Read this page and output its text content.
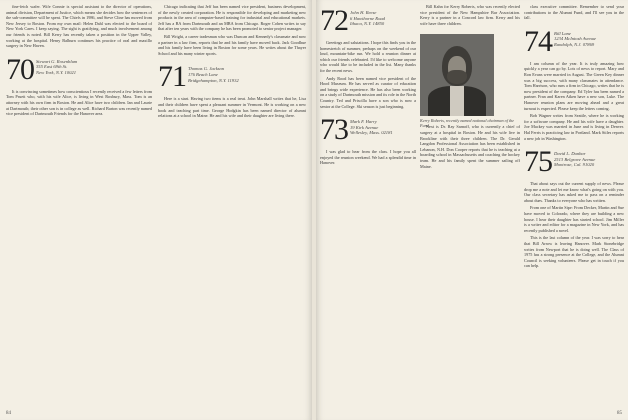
fine-fetch wafer. Wife Connie is special assistant to the director of operations, animal division, Department of Justice, which means she decides how the sentences of the sub-committee will be spent. The Chiefs in 1986, and Steve Cline has moved from New Jersey to Boston. From my own mail: Helen Dahl was elected to the board of New York Cares. I keep saying. The sight is gratifying, and much involvement among our friends is noted. Bill Kerry has recently taken a position in the Upper Valley, working at the hospital. Henry Balburn continues his practice of oral and maxillo surgery in New Haven.

70 Stewart G. Rosenblum
355 East 69th St.
New York, N.Y. 10021

It is convincing sometimes how conscientious I recently received a few letters from Tom Pruett who, with his wife Alice, is living in West Roxbury, Mass. Tom is an attorney with his own firm in Boston. He and Alice have two children. Ian and Laurie at Dartmouth; their other son is in college as well. Richard Barton was recently named vice president of Dartmouth Friends for the Hanover area.

Chicago indicating that Jeff has been named vice president, business development, of the newly created corporation. He is responsible for developing and marketing new products in the area of computer-based training for industrial and educational markets. Jeff has a BA from Dartmouth and an MBA from Chicago. Roger Cohen writes to say that after ten years with the company he has been promoted to senior project manager.

Bill Wright, a career tradesman who was Duncan and Kennedy's classmate and now a partner in a law firm, reports that he and his family have moved back. Jack Goodhue and his family have been living in Boston for some years. He writes about the Thayer School and his many winter sports.

71 Thomas G. Jackson
176 Beach Lane
Bridgehampton, N.Y. 11932

Here is a start. Having two items is a real treat. John Marshall writes that he, Lisa and their children have spent a pleasant summer in Vermont. He is working on a new book and teaching part time. George Hodgkin has been named director of alumni relations at a school in Maine. He and his wife and their daughter are living there.

84
72 John H. Reese
6 Hawthorne Road
Ithaca, N.Y. 14850

Greetings and salutations. I hope this finds you in the homestretch of summer, perhaps on the weekend of our loud, mountain-bike run. We hold a reunion dinner at which our friends celebrated. I'd like to welcome anyone who would like to be included in the list. Many thanks for the recent news.

Andy Rood has been named vice president of the Hood Museum. He has served as curator of education and brings wide experience. He has also been working on a study of Dartmouth mission and its role in the North Country. Ted and Priscilla have a son who is now a senior at the College. Ski season is just beginning.

73 Mark F. Harry
19 Kirk Avenue
Wellesley, Mass. 02181

I was glad to hear from the class. I hope you all enjoyed the reunion weekend. We had a splendid time in Hanover.

Bill Kahn for Kerry Roberts, who was recently elected vice president of the New Hampshire Bar Association. Kerry is a partner in a Concord law firm. Kerry and his wife have three children.

Next is Dr. Ray Sarnoff, who is currently a chief of surgery at a hospital in Boston. He and his wife live in Brookline with their three children. The Dr. Gerald Langdon Professional Association has been established in Lebanon, N.H. Don Cooper reports that he is teaching at a boarding school in Massachusetts and coaching the hockey team. He and his family spent the summer sailing off Maine.

Kerry Roberts, recently named national chairman of the Fund.

class executive committee. Remember to send your contributions to the Alumni Fund, and I'll see you in the fall.

74 Bill Lane
1234 McIntosh Avenue
Randolph, N.J. 07869

I am column of the year. It is truly amazing how quickly a year can go by. Lots of news to report. Mary and Ron Evans were married in August. The Green Key dinner was a big success, with many classmates in attendance. Tom Harrison, who runs a firm in Chicago, writes that he is now president of the company. Ed Tyler has been named a partner. Fran and Karen Aiken have a new son, Luke. The Hanover reunion plans are moving ahead and a great turnout is expected. Please keep the letters coming.

Bob Wagner writes from Seattle, where he is working for a software company. He and his wife have a daughter. Joe Mackey was married in June and is living in Denver. Hal Ferris is practicing law in Portland. Mark Stiles reports a new job in Washington.

75 David L. Dunbar
2513 Belgrave Avenue
Montrose, Cal. 91020

That about says out the current supply of news. Please drop me a note and let me know what's going on with you. Our class secretary has asked me to pass on a reminder about dues. Thanks to everyone who has written.

From one of Martin Sipe: From Decker, Martin and Sue have moved to Colorado, where they are building a new house. I hear their daughter has started school. Jim Miller is a writer and editor for a magazine in New York, and has recently published a novel.

This is the last column of the year. I was sorry to hear that Bill Arrow is leaving Hanover. Mark Stonebridge writes from Newport that he is doing well. The Class of 1975 has a strong presence at the College, and the Alumni Council is seeking volunteers. Please get in touch if you can help.

85
